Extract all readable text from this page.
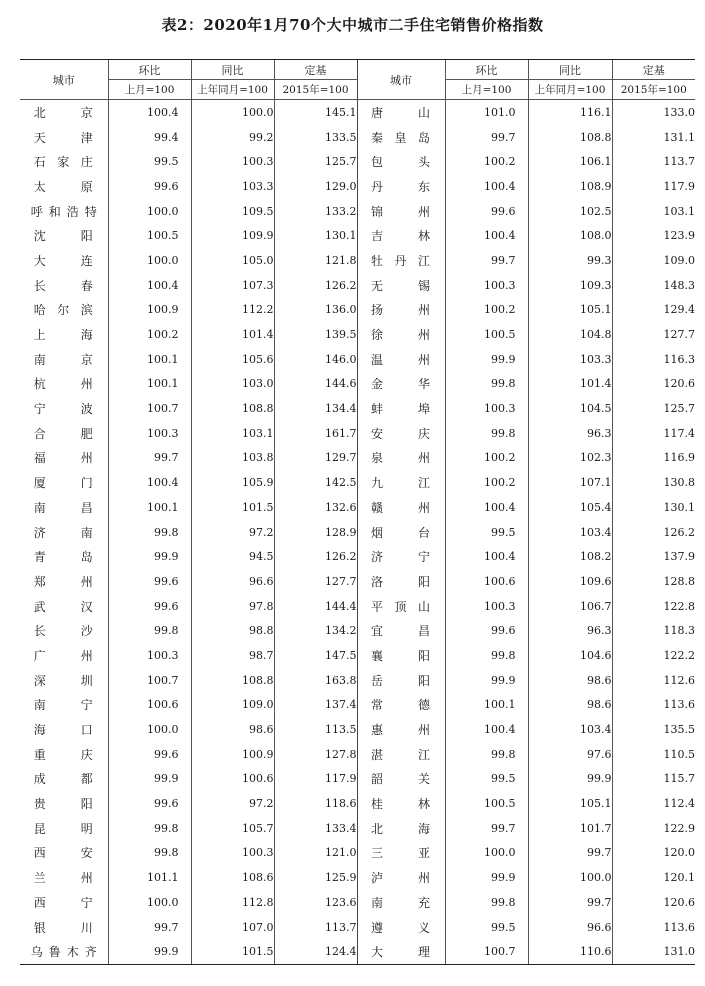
表2：2020年1月70个大中城市二手住宅销售价格指数
城市	环比	同比	定基	城市	环比	同比	定基
	上月=100	上年同月=100	2015年=100		上月=100	上年同月=100	2015年=100

北京	100.4	100.0	145.1	唐山	101.0	116.1	133.0

天津	99.4	99.2	133.5	秦皇岛	99.7	108.8	131.1

石家庄	99.5	100.3	125.7	包头	100.2	106.1	113.7

太原	99.6	103.3	129.0	丹东	100.4	108.9	117.9

呼和浩特	100.0	109.5	133.2	锦州	99.6	102.5	103.1

沈阳	100.5	109.9	130.1	吉林	100.4	108.0	123.9

大连	100.0	105.0	121.8	牡丹江	99.7	99.3	109.0

长春	100.4	107.3	126.2	无锡	100.3	109.3	148.3

哈尔滨	100.9	112.2	136.0	扬州	100.2	105.1	129.4

上海	100.2	101.4	139.5	徐州	100.5	104.8	127.7

南京	100.1	105.6	146.0	温州	99.9	103.3	116.3

杭州	100.1	103.0	144.6	金华	99.8	101.4	120.6

宁波	100.7	108.8	134.4	蚌埠	100.3	104.5	125.7

合肥	100.3	103.1	161.7	安庆	99.8	96.3	117.4

福州	99.7	103.8	129.7	泉州	100.2	102.3	116.9

厦门	100.4	105.9	142.5	九江	100.2	107.1	130.8

南昌	100.1	101.5	132.6	赣州	100.4	105.4	130.1

济南	99.8	97.2	128.9	烟台	99.5	103.4	126.2

青岛	99.9	94.5	126.2	济宁	100.4	108.2	137.9

郑州	99.6	96.6	127.7	洛阳	100.6	109.6	128.8

武汉	99.6	97.8	144.4	平顶山	100.3	106.7	122.8

长沙	99.8	98.8	134.2	宜昌	99.6	96.3	118.3

广州	100.3	98.7	147.5	襄阳	99.8	104.6	122.2

深圳	100.7	108.8	163.8	岳阳	99.9	98.6	112.6

南宁	100.6	109.0	137.4	常德	100.1	98.6	113.6

海口	100.0	98.6	113.5	惠州	100.4	103.4	135.5

重庆	99.6	100.9	127.8	湛江	99.8	97.6	110.5

成都	99.9	100.6	117.9	韶关	99.5	99.9	115.7

贵阳	99.6	97.2	118.6	桂林	100.5	105.1	112.4

昆明	99.8	105.7	133.4	北海	99.7	101.7	122.9

西安	99.8	100.3	121.0	三亚	100.0	99.7	120.0

兰州	101.1	108.6	125.9	泸州	99.9	100.0	120.1

西宁	100.0	112.8	123.6	南充	99.8	99.7	120.6

银川	99.7	107.0	113.7	遵义	99.5	96.6	113.6

乌鲁木齐	99.9	101.5	124.4	大理	100.7	110.6	131.0
